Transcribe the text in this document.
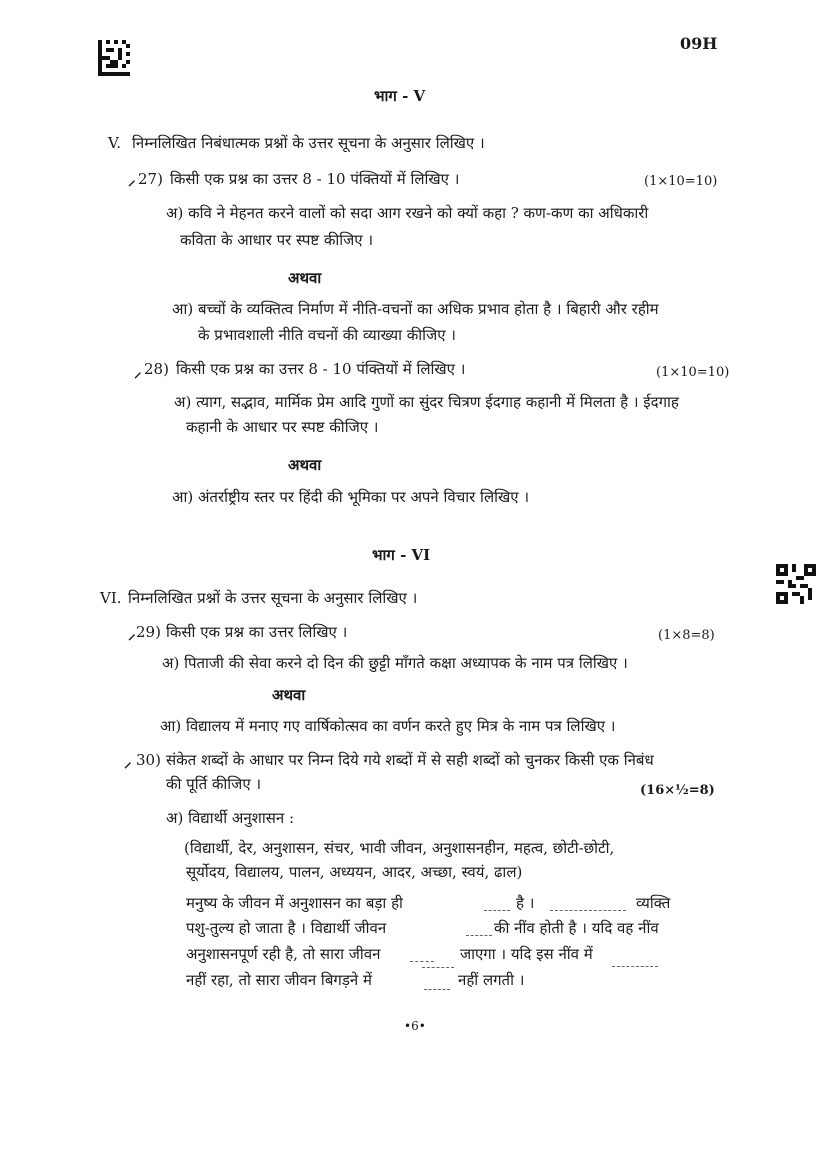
09H
भाग - V
V. निम्नलिखित निबंधात्मक प्रश्नों के उत्तर सूचना के अनुसार लिखिए ।
⸝ 27) किसी एक प्रश्न का उत्तर 8 - 10 पंक्तियों में लिखिए ।	(1×10=10)
अ) कवि ने मेहनत करने वालों को सदा आग रखने को क्यों कहा ? कण-कण का अधिकारी
कविता के आधार पर स्पष्ट कीजिए ।
अथवा
आ) बच्चों के व्यक्तित्व निर्माण में नीति-वचनों का अधिक प्रभाव होता है । बिहारी और रहीम
के प्रभावशाली नीति वचनों की व्याख्या कीजिए ।
⸝ 28) किसी एक प्रश्न का उत्तर 8 - 10 पंक्तियों में लिखिए ।	(1×10=10)
अ) त्याग, सद्भाव, मार्मिक प्रेम आदि गुणों का सुंदर चित्रण ईदगाह कहानी में मिलता है । ईदगाह
कहानी के आधार पर स्पष्ट कीजिए ।
अथवा
आ) अंतर्राष्ट्रीय स्तर पर हिंदी की भूमिका पर अपने विचार लिखिए ।
भाग - VI
VI. निम्नलिखित प्रश्नों के उत्तर सूचना के अनुसार लिखिए ।
⸝ 29) किसी एक प्रश्न का उत्तर लिखिए ।	(1×8=8)
अ) पिताजी की सेवा करने दो दिन की छुट्टी माँगते कक्षा अध्यापक के नाम पत्र लिखिए ।
अथवा
आ) विद्यालय में मनाए गए वार्षिकोत्सव का वर्णन करते हुए मित्र के नाम पत्र लिखिए ।
⸝ 30) संकेत शब्दों के आधार पर निम्न दिये गये शब्दों में से सही शब्दों को चुनकर किसी एक निबंध
की पूर्ति कीजिए ।	(16×½=8)
अ) विद्यार्थी अनुशासन :
(विद्यार्थी, देर, अनुशासन, संचर, भावी जीवन, अनुशासनहीन, महत्व, छोटी-छोटी,
सूर्योदय, विद्यालय, पालन, अध्ययन, आदर, अच्छा, स्वयं, ढाल)
मनुष्य के जीवन में अनुशासन का बड़ा ही	है ।	व्यक्ति
पशु-तुल्य हो जाता है । विद्यार्थी जीवन	की नींव होती है । यदि वह नींव
अनुशासनपूर्ण रही है, तो सारा जीवन	जाएगा । यदि इस नींव में
नहीं रहा, तो सारा जीवन बिगड़ने में	नहीं लगती ।
•6•
